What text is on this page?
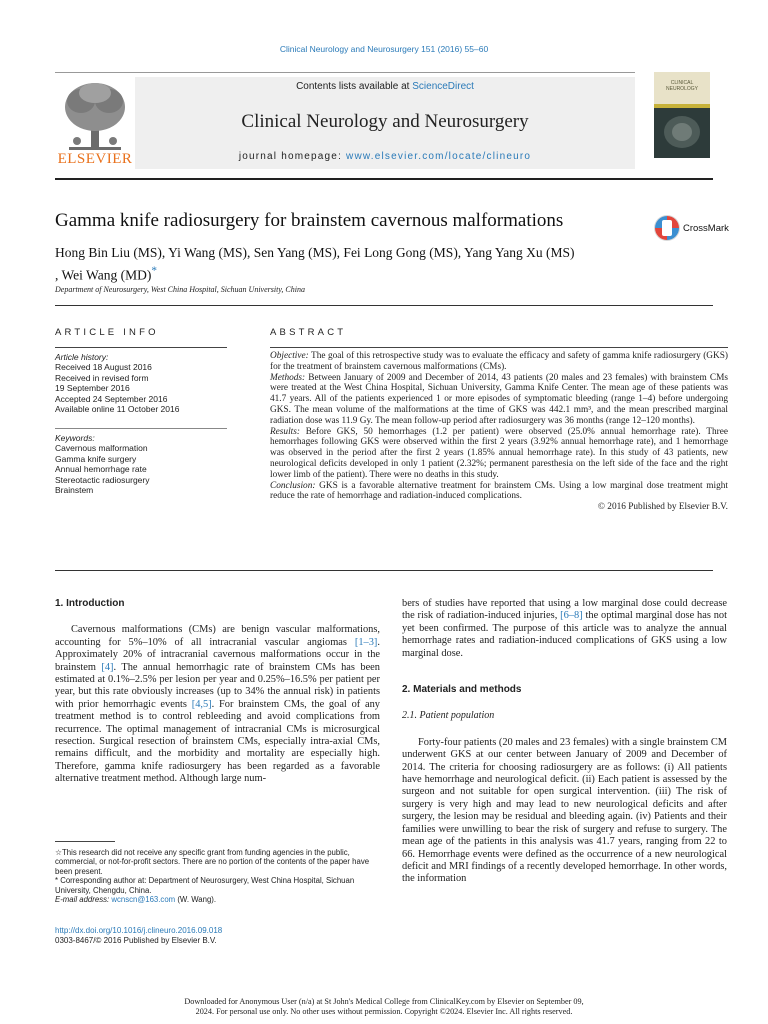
Clinical Neurology and Neurosurgery 151 (2016) 55–60
ELSEVIER
Contents lists available at ScienceDirect
Clinical Neurology and Neurosurgery
journal homepage: www.elsevier.com/locate/clineuro
CLINICAL NEUROLOGY
Gamma knife radiosurgery for brainstem cavernous malformations	CrossMark
Hong Bin Liu (MS), Yi Wang (MS), Sen Yang (MS), Fei Long Gong (MS), Yang Yang Xu (MS)
, Wei Wang (MD)*
Department of Neurosurgery, West China Hospital, Sichuan University, China
ARTICLE INFO	ABSTRACT
Article history:
Received 18 August 2016
Received in revised form
19 September 2016
Accepted 24 September 2016
Available online 11 October 2016
Keywords:
Cavernous malformation
Gamma knife surgery
Annual hemorrhage rate
Stereotactic radiosurgery
Brainstem

Objective: The goal of this retrospective study was to evaluate the efficacy and safety of gamma knife radiosurgery (GKS) for the treatment of brainstem cavernous malformations (CMs).

Methods: Between January of 2009 and December of 2014, 43 patients (20 males and 23 females) with brainstem CMs were treated at the West China Hospital, Sichuan University, Gamma Knife Center. The mean age of these patients was 41.7 years. All of the patients experienced 1 or more episodes of symptomatic bleeding (range 1–4) before undergoing GKS. The mean volume of the malformations at the time of GKS was 442.1 mm³, and the mean prescribed marginal radiation dose was 11.9 Gy. The mean follow-up period after radiosurgery was 36 months (range 12–120 months).

Results: Before GKS, 50 hemorrhages (1.2 per patient) were observed (25.0% annual hemorrhage rate). Three hemorrhages following GKS were observed within the first 2 years (3.92% annual hemorrhage rate), and 1 hemorrhage was observed in the period after the first 2 years (1.85% annual hemorrhage rate). In this study of 43 patients, new neurological deficits developed in only 1 patient (2.32%; permanent paresthesia on the left side of the face and the right lower limb of the patient). There were no deaths in this study.

Conclusion: GKS is a favorable alternative treatment for brainstem CMs. Using a low marginal dose treatment might reduce the rate of hemorrhage and radiation-induced complications.

© 2016 Published by Elsevier B.V.

1. Introduction

Cavernous malformations (CMs) are benign vascular malformations, accounting for 5%–10% of all intracranial vascular angiomas [1–3]. Approximately 20% of intracranial cavernous malformations occur in the brainstem [4]. The annual hemorrhagic rate of brainstem CMs has been estimated at 0.1%–2.5% per lesion per year and 0.25%–16.5% per patient per year, but this rate obviously increases (up to 34% the annual risk) in patients with prior hemorrhagic events [4,5]. For brainstem CMs, the goal of any treatment method is to control rebleeding and avoid complications from recurrence. The optimal management of intracranial CMs is microsurgical resection. Surgical resection of brainstem CMs, especially intra-axial CMs, remains difficult, and the morbidity and mortality are especially high. Therefore, gamma knife radiosurgery has been regarded as a favorable alternative treatment method. Although large num-

bers of studies have reported that using a low marginal dose could decrease the risk of radiation-induced injuries, [6–8] the optimal marginal dose has not yet been confirmed. The purpose of this article was to analyze the annual hemorrhage rates and radiation-induced complications of GKS using a low marginal dose.

2. Materials and methods

2.1. Patient population

Forty-four patients (20 males and 23 females) with a single brainstem CM underwent GKS at our center between January of 2009 and December of 2014. The criteria for choosing radiosurgery are as follows: (i) All patients have hemorrhage and neurological deficit. (ii) Each patient is assessed by the surgeon and not suitable for open surgical intervention. (iii) The risk of surgery is very high and may lead to new neurological deficits and after surgery, the lesion may be residual and bleeding again. (iv) Patients and their families were unwilling to bear the risk of surgery and refuse to surgery. The mean age of the patients in this analysis was 41.7 years, ranging from 22 to 66. Hemorrhage events were defined as the occurrence of a new neurological deficit and MRI findings of a recently developed hemorrhage. In other words, the information

☆This research did not receive any specific grant from funding agencies in the public, commercial, or not-for-profit sectors. There are no portion of the contents of the paper have been present.

* Corresponding author at: Department of Neurosurgery, West China Hospital, Sichuan University, Chengdu, China.

E-mail address: wcnscn@163.com (W. Wang).

http://dx.doi.org/10.1016/j.clineuro.2016.09.018
0303-8467/© 2016 Published by Elsevier B.V.
Downloaded for Anonymous User (n/a) at St John's Medical College from ClinicalKey.com by Elsevier on September 09,
2024. For personal use only. No other uses without permission. Copyright ©2024. Elsevier Inc. All rights reserved.
